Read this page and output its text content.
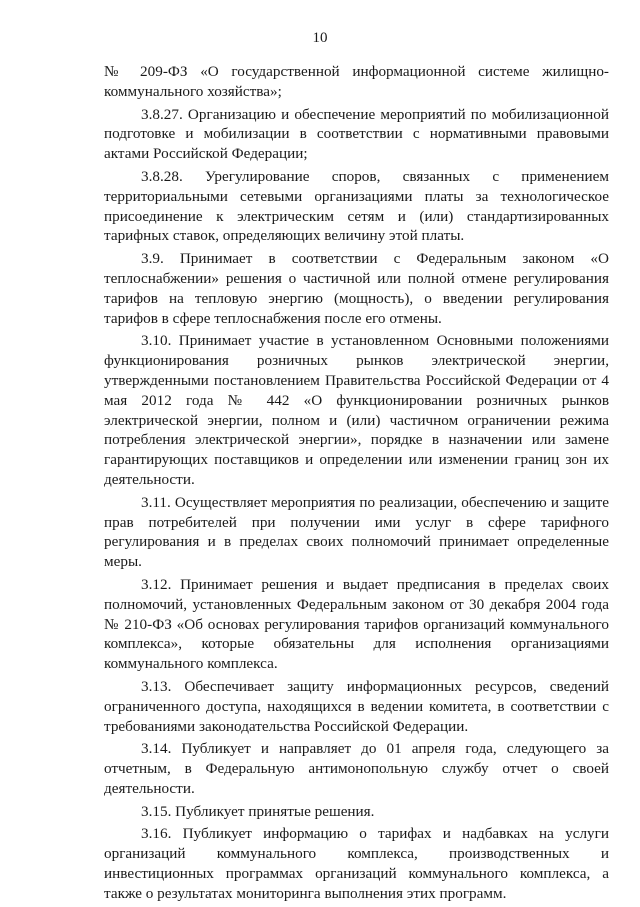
10

№ 209-ФЗ «О государственной информационной системе жилищно-коммунального хозяйства»;

3.8.27. Организацию и обеспечение мероприятий по мобилизационной подготовке и мобилизации в соответствии с нормативными правовыми актами Российской Федерации;

3.8.28. Урегулирование споров, связанных с применением территориальными сетевыми организациями платы за технологическое присоединение к электрическим сетям и (или) стандартизированных тарифных ставок, определяющих величину этой платы.

3.9. Принимает в соответствии с Федеральным законом «О теплоснабжении» решения о частичной или полной отмене регулирования тарифов на тепловую энергию (мощность), о введении регулирования тарифов в сфере теплоснабжения после его отмены.

3.10. Принимает участие в установленном Основными положениями функционирования розничных рынков электрической энергии, утвержденными постановлением Правительства Российской Федерации от 4 мая 2012 года № 442 «О функционировании розничных рынков электрической энергии, полном и (или) частичном ограничении режима потребления электрической энергии», порядке в назначении или замене гарантирующих поставщиков и определении или изменении границ зон их деятельности.

3.11. Осуществляет мероприятия по реализации, обеспечению и защите прав потребителей при получении ими услуг в сфере тарифного регулирования и в пределах своих полномочий принимает определенные меры.

3.12. Принимает решения и выдает предписания в пределах своих полномочий, установленных Федеральным законом от 30 декабря 2004 года № 210-ФЗ «Об основах регулирования тарифов организаций коммунального комплекса», которые обязательны для исполнения организациями коммунального комплекса.

3.13. Обеспечивает защиту информационных ресурсов, сведений ограниченного доступа, находящихся в ведении комитета, в соответствии с требованиями законодательства Российской Федерации.

3.14. Публикует и направляет до 01 апреля года, следующего за отчетным, в Федеральную антимонопольную службу отчет о своей деятельности.

3.15. Публикует принятые решения.

3.16. Публикует информацию о тарифах и надбавках на услуги организаций коммунального комплекса, производственных и инвестиционных программах организаций коммунального комплекса, а также о результатах мониторинга выполнения этих программ.
